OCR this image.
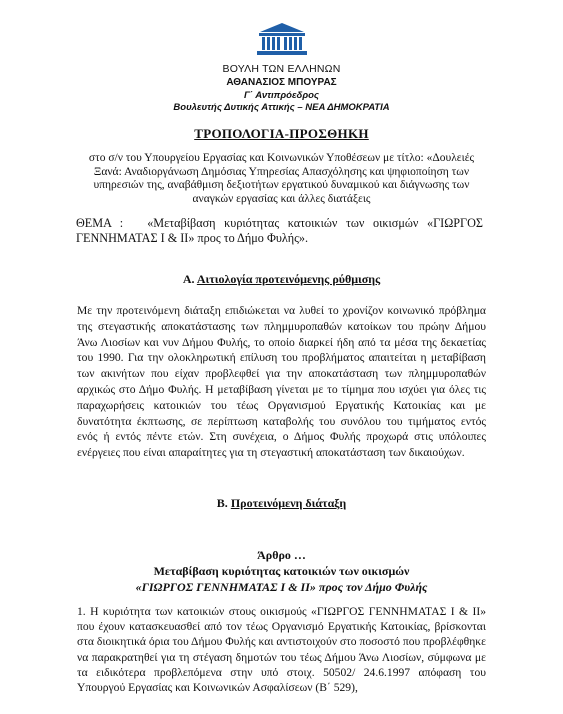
ΒΟΥΛΗ ΤΩΝ ΕΛΛΗΝΩΝ
ΑΘΑΝΑΣΙΟΣ ΜΠΟΥΡΑΣ
Γ΄ Αντιπρόεδρος
Βουλευτής Δυτικής Αττικής – ΝΕΑ ΔΗΜΟΚΡΑΤΙΑ
ΤΡΟΠΟΛΟΓΙΑ-ΠΡΟΣΘΗΚΗ
στο σ/ν του Υπουργείου Εργασίας και Κοινωνικών Υποθέσεων με τίτλο: «Δουλειές Ξανά: Αναδιοργάνωση Δημόσιας Υπηρεσίας Απασχόλησης και ψηφιοποίηση των υπηρεσιών της, αναβάθμιση δεξιοτήτων εργατικού δυναμικού και διάγνωσης των αναγκών εργασίας και άλλες διατάξεις
ΘΕΜΑ : «Μεταβίβαση κυριότητας κατοικιών των οικισμών «ΓΙΩΡΓΟΣ ΓΕΝΝΗΜΑΤΑΣ Ι & ΙΙ» προς το Δήμο Φυλής».
Α. Αιτιολογία προτεινόμενης ρύθμισης
Με την προτεινόμενη διάταξη επιδιώκεται να λυθεί το χρονίζον κοινωνικό πρόβλημα της στεγαστικής αποκατάστασης των πλημμυροπαθών κατοίκων του πρώην Δήμου Άνω Λιοσίων και νυν Δήμου Φυλής, το οποίο διαρκεί ήδη από τα μέσα της δεκαετίας του 1990. Για την ολοκληρωτική επίλυση του προβλήματος απαιτείται η μεταβίβαση των ακινήτων που είχαν προβλεφθεί για την αποκατάσταση των πλημμυροπαθών αρχικώς στο Δήμο Φυλής. Η μεταβίβαση γίνεται με το τίμημα που ισχύει για όλες τις παραχωρήσεις κατοικιών του τέως Οργανισμού Εργατικής Κατοικίας και με δυνατότητα έκπτωσης, σε περίπτωση καταβολής του συνόλου του τιμήματος εντός ενός ή εντός πέντε ετών. Στη συνέχεια, ο Δήμος Φυλής προχωρά στις υπόλοιπες ενέργειες που είναι απαραίτητες για τη στεγαστική αποκατάσταση των δικαιούχων.
Β. Προτεινόμενη διάταξη
Άρθρο …
Μεταβίβαση κυριότητας κατοικιών των οικισμών
«ΓΙΩΡΓΟΣ ΓΕΝΝΗΜΑΤΑΣ Ι & ΙΙ» προς τον Δήμο Φυλής
1. Η κυριότητα των κατοικιών στους οικισμούς «ΓΙΩΡΓΟΣ ΓΕΝΝΗΜΑΤΑΣ Ι & ΙΙ» που έχουν κατασκευασθεί από τον τέως Οργανισμό Εργατικής Κατοικίας, βρίσκονται στα διοικητικά όρια του Δήμου Φυλής και αντιστοιχούν στο ποσοστό που προβλέφθηκε να παρακρατηθεί για τη στέγαση δημοτών του τέως Δήμου Άνω Λιοσίων, σύμφωνα με τα ειδικότερα προβλεπόμενα στην υπό στοιχ. 50502/ 24.6.1997 απόφαση του Υπουργού Εργασίας και Κοινωνικών Ασφαλίσεων (Β΄ 529),
